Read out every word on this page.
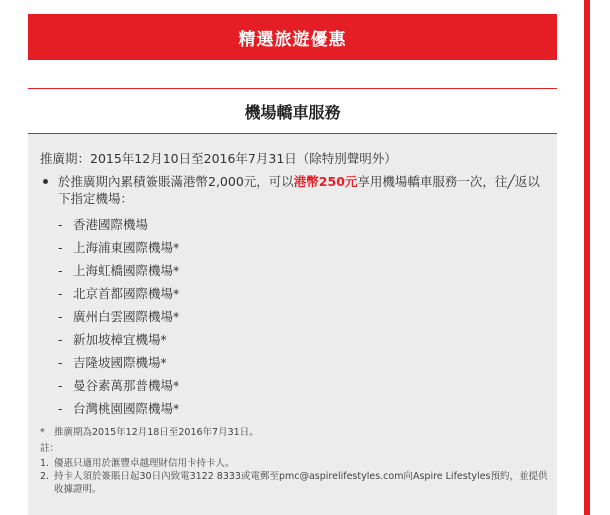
精選旅遊優惠
機場轎車服務
推廣期：2015年12月10日至2016年7月31日（除特別聲明外）
於推廣期內累積簽賬滿港幣2,000元，可以港幣250元享用機場轎車服務一次，往╱返以下指定機場：
- 香港國際機場
- 上海浦東國際機場*
- 上海虹橋國際機場*
- 北京首都國際機場*
- 廣州白雲國際機場*
- 新加坡樟宜機場*
- 吉隆坡國際機場*
- 曼谷素萬那普機場*
- 台灣桃園國際機場*
* 推廣期為2015年12月18日至2016年7月31日。
註：
1. 優惠只適用於滙豐卓越理財信用卡持卡人。
2. 持卡人須於簽賬日起30日內致電3122 8333或電郵至pmc@aspirelifestyles.com向Aspire Lifestyles預約，並提供收據證明。
